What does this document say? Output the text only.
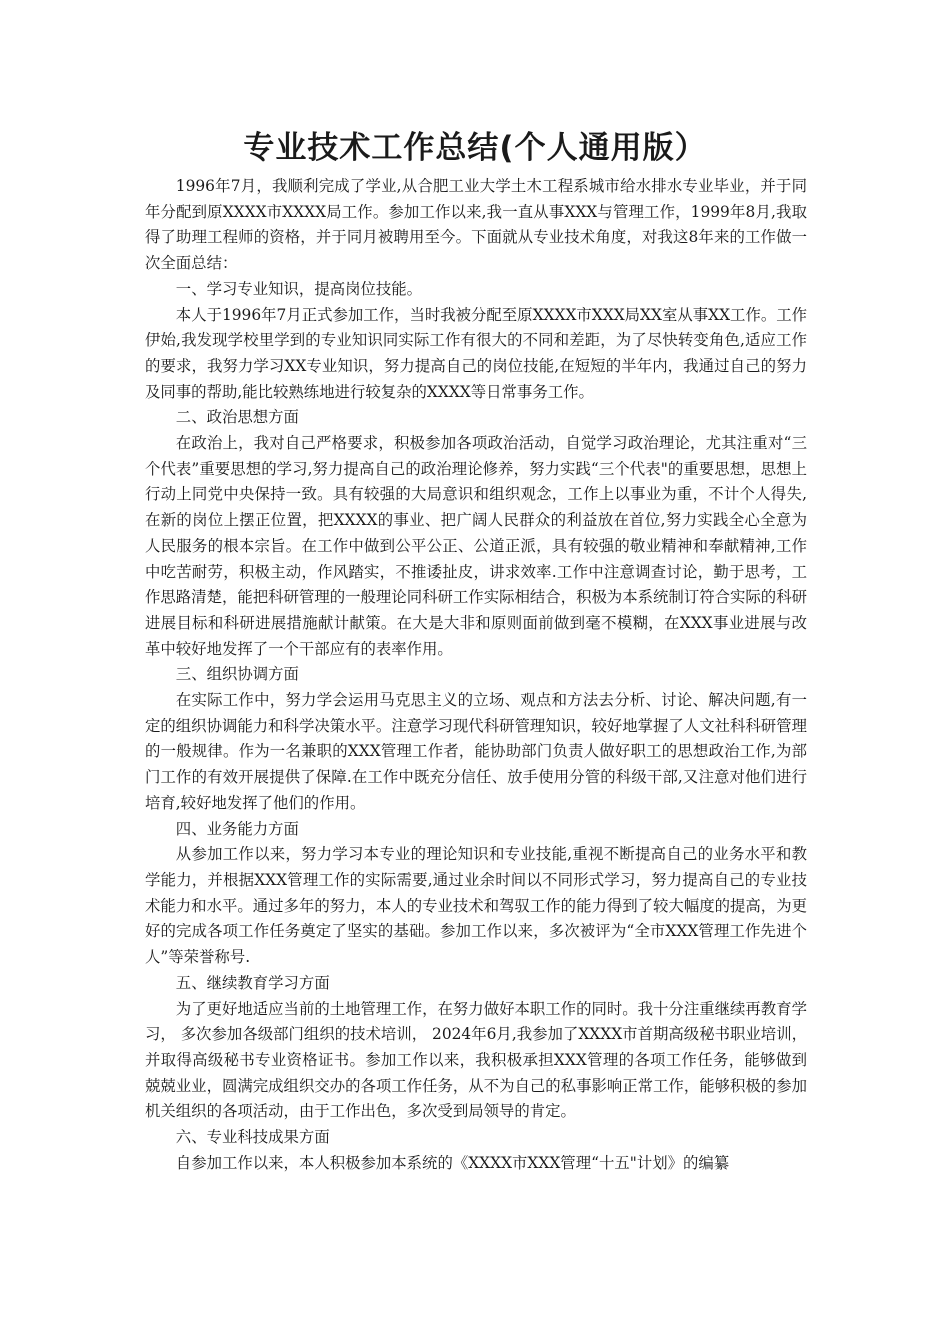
专业技术工作总结(个人通用版）

1996年7月，我顺利完成了学业,从合肥工业大学土木工程系城市给水排水专业毕业，并于同年分配到原XXXX市XXXX局工作。参加工作以来,我一直从事XXX与管理工作，1999年8月,我取得了助理工程师的资格，并于同月被聘用至今。下面就从专业技术角度，对我这8年来的工作做一次全面总结：

一、学习专业知识，提高岗位技能。

本人于1996年7月正式参加工作，当时我被分配至原XXXX市XXX局XX室从事XX工作。工作伊始,我发现学校里学到的专业知识同实际工作有很大的不同和差距，为了尽快转变角色,适应工作的要求，我努力学习XX专业知识，努力提高自己的岗位技能,在短短的半年内，我通过自己的努力及同事的帮助,能比较熟练地进行较复杂的XXXX等日常事务工作。

二、政治思想方面

在政治上，我对自己严格要求，积极参加各项政治活动，自觉学习政治理论，尤其注重对“三个代表”重要思想的学习,努力提高自己的政治理论修养，努力实践“三个代表"的重要思想，思想上行动上同党中央保持一致。具有较强的大局意识和组织观念，工作上以事业为重，不计个人得失,在新的岗位上摆正位置，把XXXX的事业、把广阔人民群众的利益放在首位,努力实践全心全意为人民服务的根本宗旨。在工作中做到公平公正、公道正派，具有较强的敬业精神和奉献精神,工作中吃苦耐劳，积极主动，作风踏实，不推诿扯皮，讲求效率.工作中注意调查讨论，勤于思考，工作思路清楚，能把科研管理的一般理论同科研工作实际相结合，积极为本系统制订符合实际的科研进展目标和科研进展措施献计献策。在大是大非和原则面前做到毫不模糊，在XXX事业进展与改革中较好地发挥了一个干部应有的表率作用。

三、组织协调方面

在实际工作中，努力学会运用马克思主义的立场、观点和方法去分析、讨论、解决问题,有一定的组织协调能力和科学决策水平。注意学习现代科研管理知识，较好地掌握了人文社科科研管理的一般规律。作为一名兼职的XXX管理工作者，能协助部门负责人做好职工的思想政治工作,为部门工作的有效开展提供了保障.在工作中既充分信任、放手使用分管的科级干部,又注意对他们进行培育,较好地发挥了他们的作用。

四、业务能力方面

从参加工作以来，努力学习本专业的理论知识和专业技能,重视不断提高自己的业务水平和教学能力，并根据XXX管理工作的实际需要,通过业余时间以不同形式学习，努力提高自己的专业技术能力和水平。通过多年的努力，本人的专业技术和驾驭工作的能力得到了较大幅度的提高，为更好的完成各项工作任务奠定了坚实的基础。参加工作以来，多次被评为“全市XXX管理工作先进个人”等荣誉称号.

五、继续教育学习方面

为了更好地适应当前的土地管理工作，在努力做好本职工作的同时。我十分注重继续再教育学习， 多次参加各级部门组织的技术培训， 2024年6月,我参加了XXXX市首期高级秘书职业培训，并取得高级秘书专业资格证书。参加工作以来，我积极承担XXX管理的各项工作任务，能够做到兢兢业业，圆满完成组织交办的各项工作任务，从不为自己的私事影响正常工作，能够积极的参加机关组织的各项活动，由于工作出色，多次受到局领导的肯定。

六、专业科技成果方面

自参加工作以来，本人积极参加本系统的《XXXX市XXX管理“十五"计划》的编纂
